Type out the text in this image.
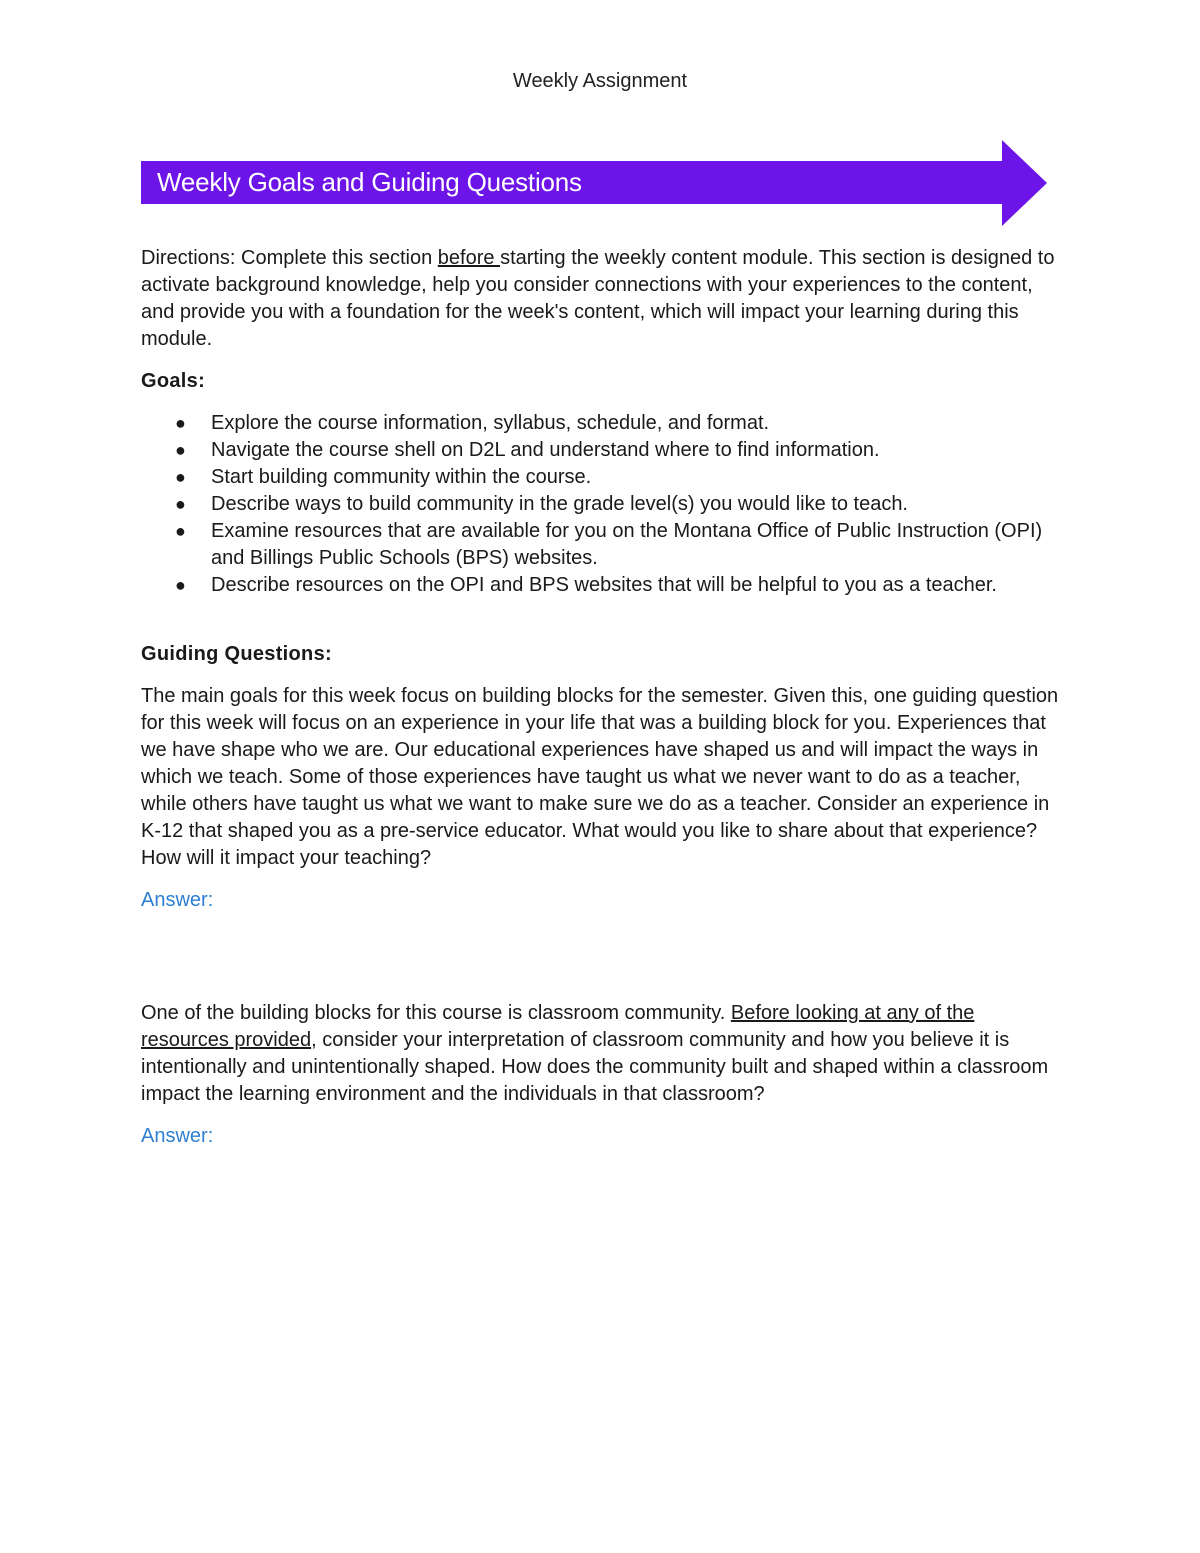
Weekly Assignment
Weekly Goals and Guiding Questions

Directions: Complete this section before starting the weekly content module. This section is designed to activate background knowledge, help you consider connections with your experiences to the content, and provide you with a foundation for the week's content, which will impact your learning during this module.

Goals:

● Explore the course information, syllabus, schedule, and format.
● Navigate the course shell on D2L and understand where to find information.
● Start building community within the course.
● Describe ways to build community in the grade level(s) you would like to teach.
● Examine resources that are available for you on the Montana Office of Public Instruction (OPI) and Billings Public Schools (BPS) websites.
● Describe resources on the OPI and BPS websites that will be helpful to you as a teacher.

Guiding Questions:

The main goals for this week focus on building blocks for the semester. Given this, one guiding question for this week will focus on an experience in your life that was a building block for you. Experiences that we have shape who we are. Our educational experiences have shaped us and will impact the ways in which we teach. Some of those experiences have taught us what we never want to do as a teacher, while others have taught us what we want to make sure we do as a teacher. Consider an experience in K-12 that shaped you as a pre-service educator. What would you like to share about that experience? How will it impact your teaching?

Answer:

One of the building blocks for this course is classroom community. Before looking at any of the resources provided, consider your interpretation of classroom community and how you believe it is intentionally and unintentionally shaped. How does the community built and shaped within a classroom impact the learning environment and the individuals in that classroom?

Answer:
